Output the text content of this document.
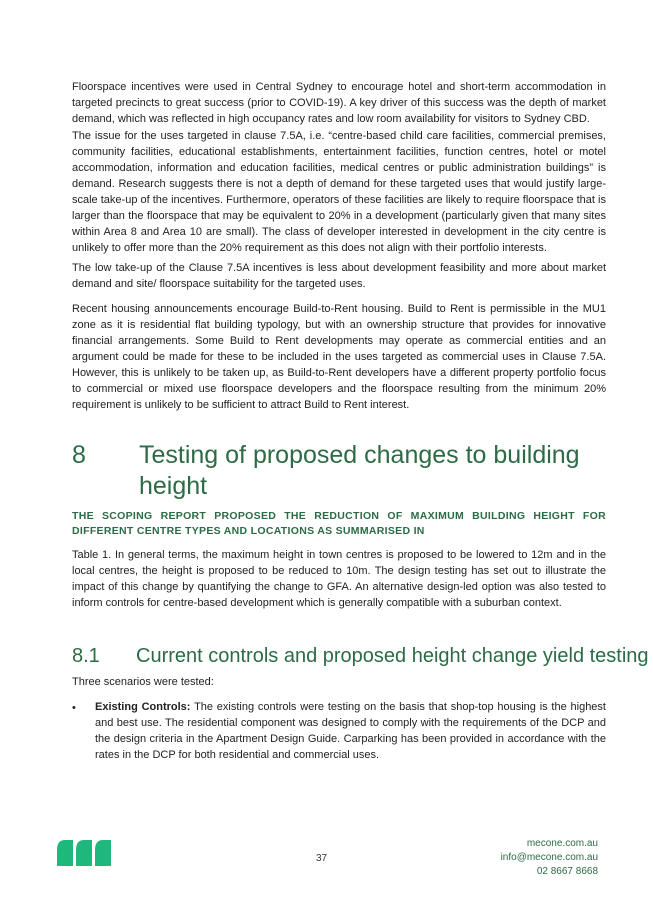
Floorspace incentives were used in Central Sydney to encourage hotel and short-term accommodation in targeted precincts to great success (prior to COVID-19). A key driver of this success was the depth of market demand, which was reflected in high occupancy rates and low room availability for visitors to Sydney CBD.

The issue for the uses targeted in clause 7.5A, i.e. “centre-based child care facilities, commercial premises, community facilities, educational establishments, entertainment facilities, function centres, hotel or motel accommodation, information and education facilities, medical centres or public administration buildings” is demand. Research suggests there is not a depth of demand for these targeted uses that would justify large-scale take-up of the incentives. Furthermore, operators of these facilities are likely to require floorspace that is larger than the floorspace that may be equivalent to 20% in a development (particularly given that many sites within Area 8 and Area 10 are small). The class of developer interested in development in the city centre is unlikely to offer more than the 20% requirement as this does not align with their portfolio interests.

The low take-up of the Clause 7.5A incentives is less about development feasibility and more about market demand and site/ floorspace suitability for the targeted uses.

Recent housing announcements encourage Build-to-Rent housing. Build to Rent is permissible in the MU1 zone as it is residential flat building typology, but with an ownership structure that provides for innovative financial arrangements. Some Build to Rent developments may operate as commercial entities and an argument could be made for these to be included in the uses targeted as commercial uses in Clause 7.5A. However, this is unlikely to be taken up, as Build-to-Rent developers have a different property portfolio focus to commercial or mixed use floorspace developers and the floorspace resulting from the minimum 20% requirement is unlikely to be sufficient to attract Build to Rent interest.

8 Testing of proposed changes to building height

THE SCOPING REPORT PROPOSED THE REDUCTION OF MAXIMUM BUILDING HEIGHT FOR DIFFERENT CENTRE TYPES AND LOCATIONS AS SUMMARISED IN

Table 1. In general terms, the maximum height in town centres is proposed to be lowered to 12m and in the local centres, the height is proposed to be reduced to 10m. The design testing has set out to illustrate the impact of this change by quantifying the change to GFA. An alternative design-led option was also tested to inform controls for centre-based development which is generally compatible with a suburban context.

8.1 Current controls and proposed height change yield testing

Three scenarios were tested:

• Existing Controls: The existing controls were testing on the basis that shop-top housing is the highest and best use. The residential component was designed to comply with the requirements of the DCP and the design criteria in the Apartment Design Guide. Carparking has been provided in accordance with the rates in the DCP for both residential and commercial uses.

37
mecone.com.au
info@mecone.com.au
02 8667 8668
